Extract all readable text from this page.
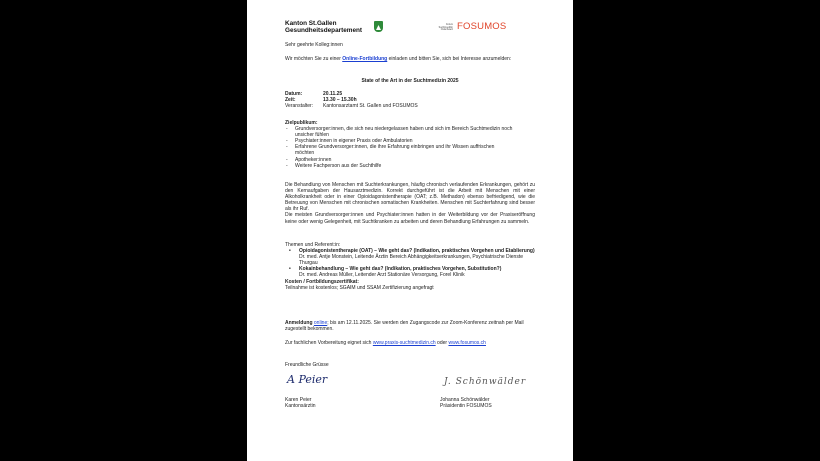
Kanton St.Gallen
Gesundheitsdepartement
Forum
Suchtmedizin
Ostschweiz FOSUMOS

Sehr geehrte Kolleg:innen

Wir möchten Sie zu einer Online-Fortbildung einladen und bitten Sie, sich bei Interesse anzumelden:

State of the Art in der Suchtmedizin 2025

Datum:	20.11.25
Zeit:	13.30 – 15.30h
Veranstalter: Kantonsarztamt St. Gallen und FOSUMOS

Zielpublikum:

- Grundversorger:innen, die sich neu niedergelassen haben und sich im Bereich Suchtmedizin noch unsicher fühlen
- Psychiater:innen in eigener Praxis oder Ambulatorien
- Erfahrene Grundversorger:innen, die ihre Erfahrung einbringen und ihr Wissen auffrischen möchten
- Apotheker:innen
- Weitere Fachperson aus der Suchthilfe

Die Behandlung von Menschen mit Suchterkrankungen, häufig chronisch verlaufenden Erkrankungen, gehört zu den Kernaufgaben der Hausarztmedizin. Korrekt durchgeführt ist die Arbeit mit Menschen mit einer Alkoholkrankheit oder in einer Opioidagonistentherapie (OAT; z.B. Methadon) ebenso befriedigend, wie die Betreuung von Menschen mit chronischen somatischen Krankheiten. Menschen mit Suchterfahrung sind besser als ihr Ruf.

Die meisten Grundversorger:innen und Psychiater:innen hatten in der Weiterbildung vor der Praxiseröffnung keine oder wenig Gelegenheit, mit Suchtkranken zu arbeiten und deren Behandlung Erfahrungen zu sammeln.

Themen und Referent:in:

• Opioidagonistentherapie (OAT) – Wie geht das? (Indikation, praktisches Vorgehen und Etablierung)
Dr. med. Antje Monstein, Leitende Ärztin Bereich Abhängigkeitserkrankungen, Psychiatrische Dienste Thurgau
• Kokainbehandlung – Wie geht das? (Indikation, praktisches Vorgehen, Substitution?)
Dr. med. Andreas Müller, Leitender Arzt Stationäre Versorgung, Forel Klinik

Kosten / Fortbildungszertifikat:

Teilnahme ist kostenlos; SGAIM und SSAM Zertifizierung angefragt

Anmeldung online; bis am 12.11.2025. Sie werden den Zugangscode zur Zoom-Konferenz zeitnah per Mail zugestellt bekommen.

Zur fachlichen Vorbereitung eignet sich www.praxis-suchtmedizin.ch oder www.fosumos.ch

Freundliche Grüsse

A Peier
Karen Peier
Kantonsärztin
J. Schönwälder
Johanna Schönwälder
Präsidentin FOSUMOS
